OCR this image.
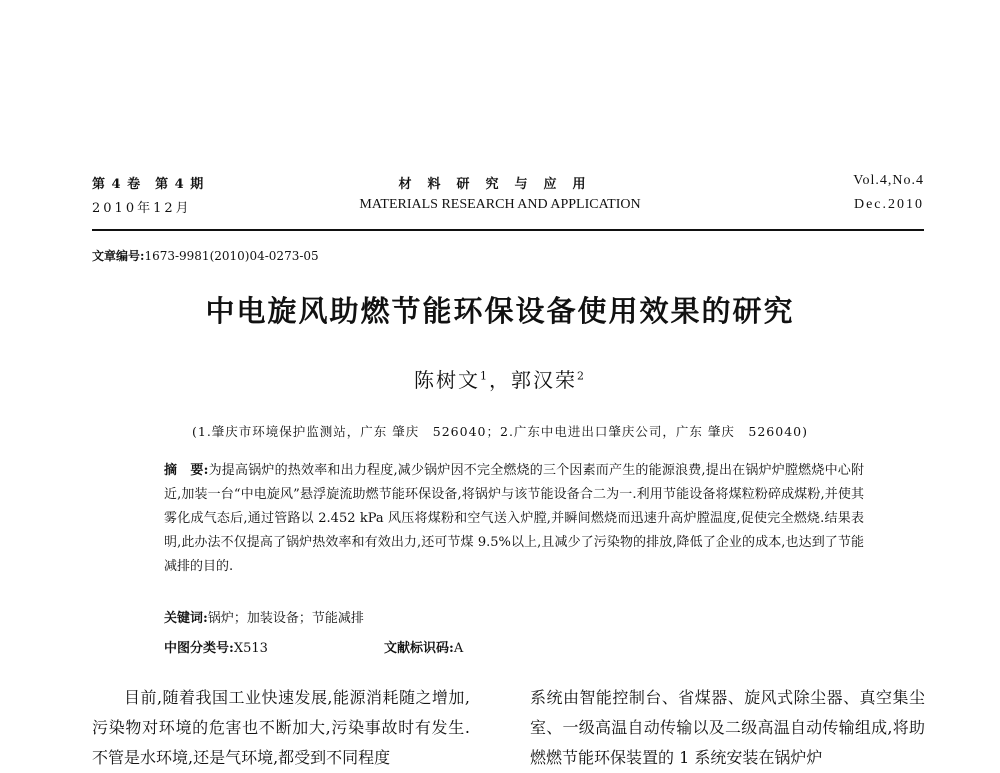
第 4 卷　第 4 期
2010年12月
材料研究与应用
MATERIALS RESEARCH AND APPLICATION
Vol.4,No.4
Dec.2010
文章编号:1673-9981(2010)04-0273-05
中电旋风助燃节能环保设备使用效果的研究
陈树文$^1$，郭汉荣$^2$
(1.肇庆市环境保护监测站，广东 肇庆　526040；2.广东中电进出口肇庆公司，广东 肇庆　526040)
摘　要:为提高锅炉的热效率和出力程度,减少锅炉因不完全燃烧的三个因素而产生的能源浪费,提出在锅炉炉膛燃烧中心附近,加装一台“中电旋风”悬浮旋流助燃节能环保设备,将锅炉与该节能设备合二为一.利用节能设备将煤粒粉碎成煤粉,并使其雾化成气态后,通过管路以 2.452 kPa 风压将煤粉和空气送入炉膛,并瞬间燃烧而迅速升高炉膛温度,促使完全燃烧.结果表明,此办法不仅提高了锅炉热效率和有效出力,还可节煤 9.5%以上,且减少了污染物的排放,降低了企业的成本,也达到了节能减排的目的.
关键词:锅炉；加装设备；节能减排
中图分类号:X513	文献标识码:A
目前,随着我国工业快速发展,能源消耗随之增加,污染物对环境的危害也不断加大,污染事故时有发生.不管是水环境,还是气环境,都受到不同程度
系统由智能控制台、省煤器、旋风式除尘器、真空集尘室、一级高温自动传输以及二级高温自动传输组成,将助燃燃节能环保装置的 1 系统安装在锅炉炉
